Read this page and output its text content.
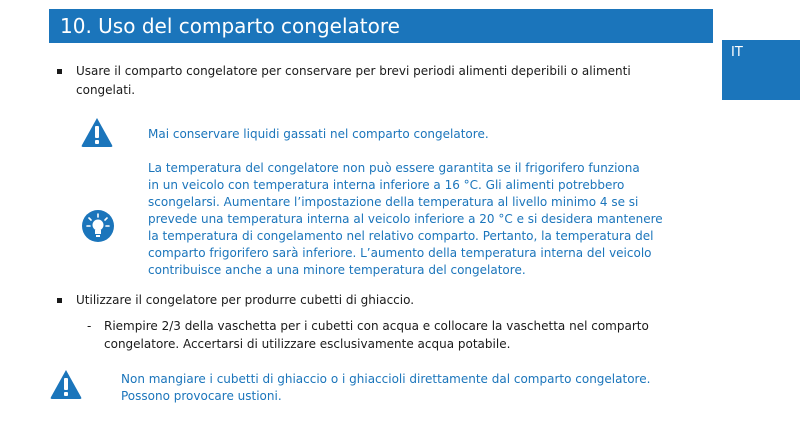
10. Uso del comparto congelatore
IT
Usare il comparto congelatore per conservare per brevi periodi alimenti deperibili o alimenti
congelati.
Mai conservare liquidi gassati nel comparto congelatore.
La temperatura del congelatore non può essere garantita se il frigorifero funziona
in un veicolo con temperatura interna inferiore a 16 °C. Gli alimenti potrebbero
scongelarsi. Aumentare l’impostazione della temperatura al livello minimo 4 se si
prevede una temperatura interna al veicolo inferiore a 20 °C e si desidera mantenere
la temperatura di congelamento nel relativo comparto. Pertanto, la temperatura del
comparto frigorifero sarà inferiore. L’aumento della temperatura interna del veicolo
contribuisce anche a una minore temperatura del congelatore.
Utilizzare il congelatore per produrre cubetti di ghiaccio.
- Riempire 2/3 della vaschetta per i cubetti con acqua e collocare la vaschetta nel comparto
congelatore. Accertarsi di utilizzare esclusivamente acqua potabile.
Non mangiare i cubetti di ghiaccio o i ghiaccioli direttamente dal comparto congelatore.
Possono provocare ustioni.
